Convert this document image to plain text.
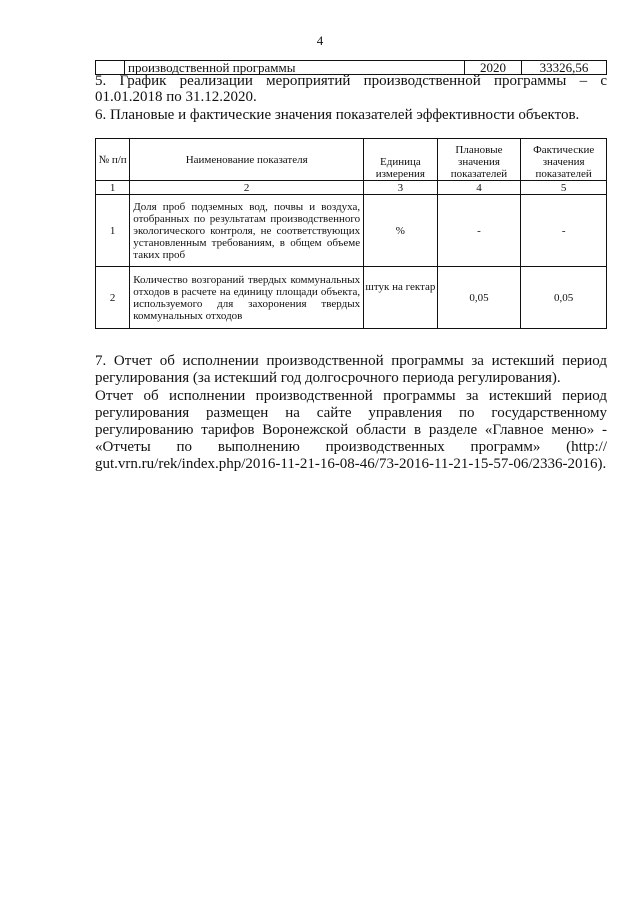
4
	производственной программы	2020	33326,56

5. График реализации мероприятий производственной программы – с

01.01.2018 по 31.12.2020.

6. Плановые и фактические значения показателей эффективности объектов.

№ п/п	Наименование показателя	Единица измерения	Плановые значения показателей	Фактические значения показателей
1	2	3	4	5
1	Доля проб подземных вод, почвы и воздуха, отобранных по результатам производственного экологического контроля, не соответствующих установленным требованиям, в общем объеме таких проб	%	-	-
2	Количество возгораний твердых коммунальных отходов в расчете на единицу площади объекта, используемого для захоронения твердых коммунальных отходов	штук на гектар	0,05	0,05

7. Отчет об исполнении производственной программы за истекший период

регулирования (за истекший год долгосрочного периода регулирования).

Отчет об исполнении производственной программы за истекший период

регулирования размещен на сайте управления по государственному

регулированию тарифов Воронежской области в разделе «Главное меню» -

«Отчеты по выполнению производственных программ» (http://

gut.vrn.ru/rek/index.php/2016-11-21-16-08-46/73-2016-11-21-15-57-06/2336-2016).
